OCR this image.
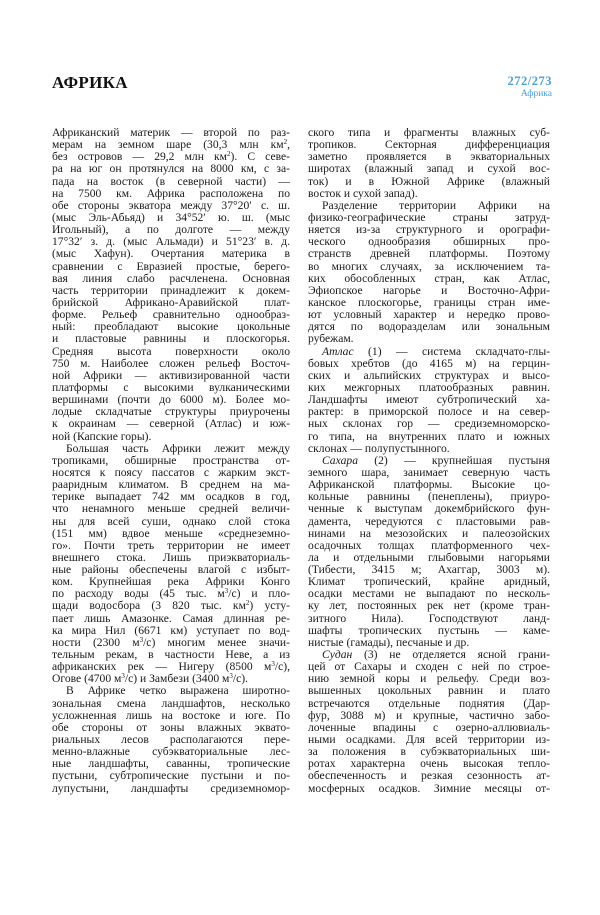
АФРИКА	272/273
Африка
Африканский материк — второй по раз-
мерам на земном шаре (30,3 млн $км^2$,
без островов — 29,2 млн $км^2$). С севе-
ра на юг он протянулся на 8000 км, с за-
пада на восток (в северной части) —
на 7500 км. Африка расположена по
обе стороны экватора между 37°20′ с. ш.
(мыс Эль-Абьяд) и 34°52′ ю. ш. (мыс
Игольный), а по долготе — между
17°32′ з. д. (мыс Альмади) и 51°23′ в. д.
(мыс Хафун). Очертания материка в
сравнении с Евразией простые, берего-
вая линия слабо расчленена. Основная
часть территории принадлежит к докем-
брийской Африкано-Аравийской плат-
форме. Рельеф сравнительно однообраз-
ный: преобладают высокие цокольные
и пластовые равнины и плоскогорья.
Средняя высота поверхности около
750 м. Наиболее сложен рельеф Восточ-
ной Африки — активизированной части
платформы с высокими вулканическими
вершинами (почти до 6000 м). Более мо-
лодые складчатые структуры приурочены
к окраинам — северной (Атлас) и юж-
ной (Капские горы).
Большая часть Африки лежит между
тропиками, обширные пространства от-
носятся к поясу пассатов с жарким экст-
рааридным климатом. В среднем на ма-
терике выпадает 742 мм осадков в год,
что ненамного меньше средней величи-
ны для всей суши, однако слой стока
(151 мм) вдвое меньше «среднеземно-
го». Почти треть территории не имеет
внешнего стока. Лишь приэкваториаль-
ные районы обеспечены влагой с избыт-
ком. Крупнейшая река Африки Конго
по расходу воды (45 тыс. $м^3/с$) и пло-
щади водосбора (3 820 тыс. $км^2$) усту-
пает лишь Амазонке. Самая длинная ре-
ка мира Нил (6671 км) уступает по вод-
ности (2300 $м^3/с$) многим менее значи-
тельным рекам, в частности Неве, а из
африканских рек — Нигеру (8500 $м^3/с$),
Огове (4700 $м^3/с$) и Замбези (3400 $м^3/с$).
В Африке четко выражена широтно-
зональная смена ландшафтов, несколько
усложненная лишь на востоке и юге. По
обе стороны от зоны влажных эквато-
риальных лесов располагаются пере-
менно-влажные субэкваториальные лес-
ные ландшафты, саванны, тропические
пустыни, субтропические пустыни и по-
лупустыни, ландшафты средиземномор-
ского типа и фрагменты влажных суб-
тропиков. Секторная дифференциация
заметно проявляется в экваториальных
широтах (влажный запад и сухой вос-
ток) и в Южной Африке (влажный
восток и сухой запад).
Разделение территории Африки на
физико-географические страны затруд-
няется из-за структурного и орографи-
ческого однообразия обширных про-
странств древней платформы. Поэтому
во многих случаях, за исключением та-
ких обособленных стран, как Атлас,
Эфиопское нагорье и Восточно-Афри-
канское плоскогорье, границы стран име-
ют условный характер и нередко прово-
дятся по водоразделам или зональным
рубежам.
Атлас (1) — система складчато-глы-
бовых хребтов (до 4165 м) на герцин-
ских и альпийских структурах и высо-
ких межгорных платообразных равнин.
Ландшафты имеют субтропический ха-
рактер: в приморской полосе и на север-
ных склонах гор — средиземноморско-
го типа, на внутренних плато и южных
склонах — полупустынного.
Сахара (2) — крупнейшая пустыня
земного шара, занимает северную часть
Африканской платформы. Высокие цо-
кольные равнины (пенеплены), приуро-
ченные к выступам докембрийского фун-
дамента, чередуются с пластовыми рав-
нинами на мезозойских и палеозойских
осадочных толщах платформенного чех-
ла и отдельными глыбовыми нагорьями
(Тибести, 3415 м; Ахаггар, 3003 м).
Климат тропический, крайне аридный,
осадки местами не выпадают по несколь-
ку лет, постоянных рек нет (кроме тран-
зитного Нила). Господствуют ланд-
шафты тропических пустынь — каме-
нистые (гамады), песчаные и др.
Судан (3) не отделяется ясной грани-
цей от Сахары и сходен с ней по строе-
нию земной коры и рельефу. Среди воз-
вышенных цокольных равнин и плато
встречаются отдельные поднятия (Дар-
фур, 3088 м) и крупные, частично забо-
лоченные впадины с озерно-аллювиаль-
ными осадками. Для всей территории из-
за положения в субэкваториальных ши-
ротах характерна очень высокая тепло-
обеспеченность и резкая сезонность ат-
мосферных осадков. Зимние месяцы от-
